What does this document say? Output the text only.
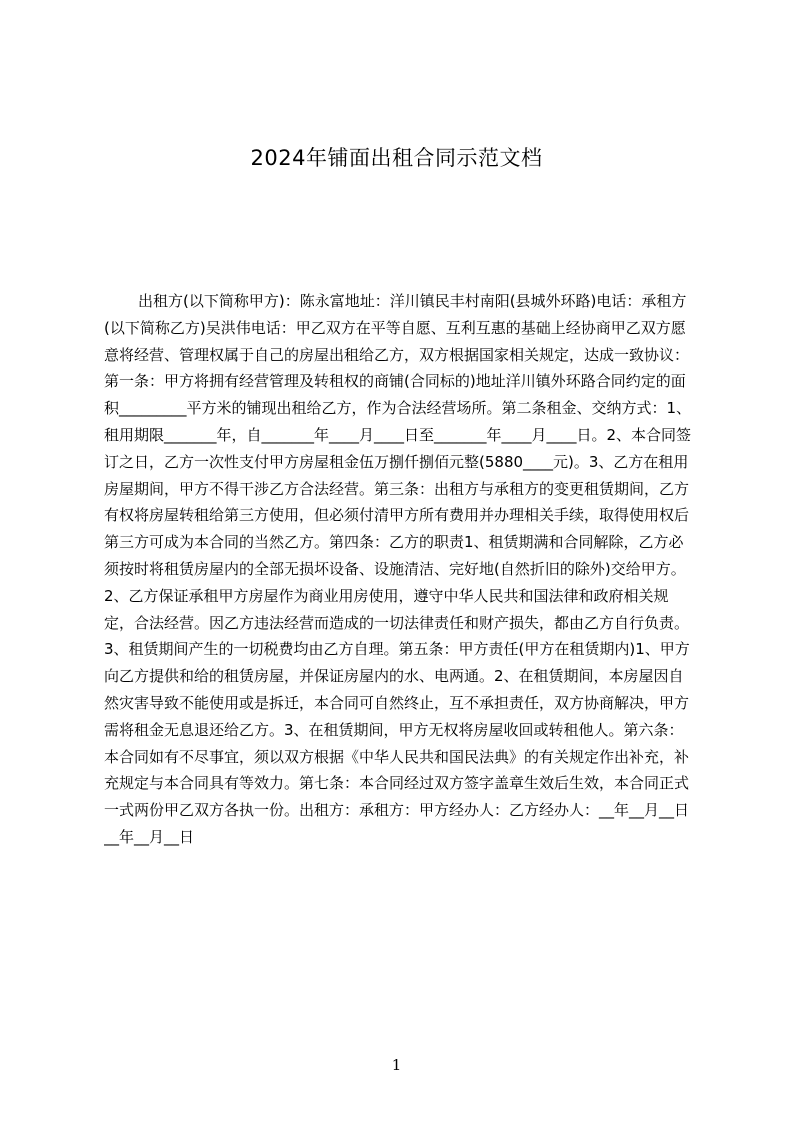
2024年铺面出租合同示范文档

出租方(以下简称甲方)：陈永富地址：洋川镇民丰村南阳(县城外环路)电话：承租方(以下简称乙方)吴洪伟电话：甲乙双方在平等自愿、互利互惠的基础上经协商甲乙双方愿意将经营、管理权属于自己的房屋出租给乙方，双方根据国家相关规定，达成一致协议：第一条：甲方将拥有经营管理及转租权的商铺(合同标的)地址洋川镇外环路合同约定的面积_________平方米的铺现出租给乙方，作为合法经营场所。第二条租金、交纳方式：1、租用期限_______年，自_______年____月____日至_______年____月____日。2、本合同签订之日，乙方一次性支付甲方房屋租金伍万捌仟捌佰元整(5880____元)。3、乙方在租用房屋期间，甲方不得干涉乙方合法经营。第三条：出租方与承租方的变更租赁期间，乙方有权将房屋转租给第三方使用，但必须付清甲方所有费用并办理相关手续，取得使用权后第三方可成为本合同的当然乙方。第四条：乙方的职责1、租赁期满和合同解除，乙方必须按时将租赁房屋内的全部无损坏设备、设施清洁、完好地(自然折旧的除外)交给甲方。2、乙方保证承租甲方房屋作为商业用房使用，遵守中华人民共和国法律和政府相关规定，合法经营。因乙方违法经营而造成的一切法律责任和财产损失，都由乙方自行负责。3、租赁期间产生的一切税费均由乙方自理。第五条：甲方责任(甲方在租赁期内)1、甲方向乙方提供和给的租赁房屋，并保证房屋内的水、电两通。2、在租赁期间，本房屋因自然灾害导致不能使用或是拆迁，本合同可自然终止，互不承担责任，双方协商解决，甲方需将租金无息退还给乙方。3、在租赁期间，甲方无权将房屋收回或转租他人。第六条：本合同如有不尽事宜，须以双方根据《中华人民共和国民法典》的有关规定作出补充，补充规定与本合同具有等效力。第七条：本合同经过双方签字盖章生效后生效，本合同正式一式两份甲乙双方各执一份。出租方：承租方：甲方经办人：乙方经办人：__年__月__日__年__月__日

1
